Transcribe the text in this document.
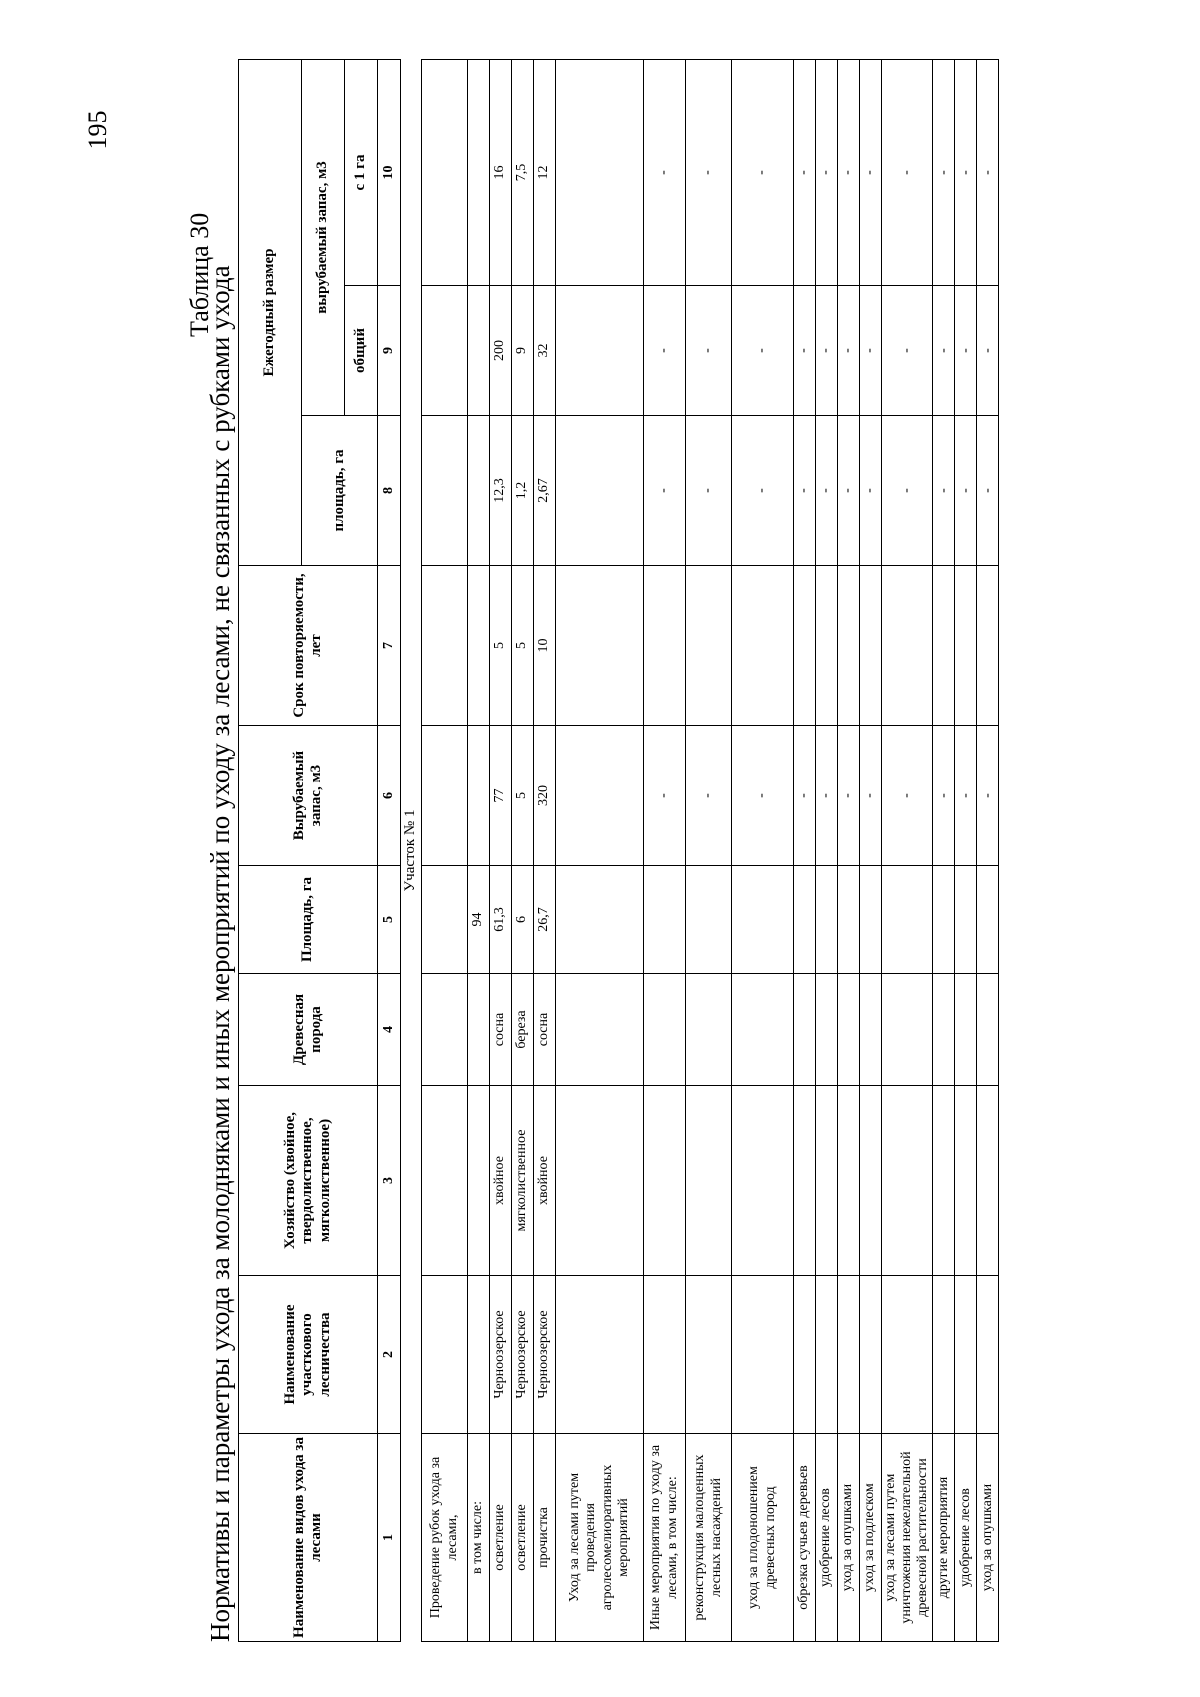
195
Таблица 30
Нормативы и параметры ухода за молодняками и иных мероприятий по уходу за лесами, не связанных с рубками ухода	Наименование видов ухода за лесами	Наименование участкового лесничества	Хозяйство (хвойное, твердолиственное, мягколиственное)	Древесная порода	Площадь, га	Вырубаемый запас, м3	Срок повторяемости, лет	Ежегодный размер		
							площадь, га	вырубаемый запас, м3	
								общий	с 1 га
1	2	3	4	5	6	7	8	9	10
Участок № 1									
Проведение рубок ухода за лесами,									
в том числе:				94					
осветление	Черноозерское	хвойное	сосна	61,3	77	5	12,3	200	16
осветление	Черноозерское	мягколиственное	береза	6	5	5	1,2	9	7,5
прочистка	Черноозерское	хвойное	сосна	26,7	320	10	2,67	32	12
Уход за лесами путем проведения агролесомелиоративных мероприятий									
Иные мероприятия по уходу за лесами, в том числе:					-		-	-	-
реконструкция малоценных лесных насаждений					-		-	-	-
уход за плодоношением древесных пород					-		-	-	-
обрезка сучьев деревьев					-		-	-	-
удобрение лесов					-		-	-	-
уход за опушками					-		-	-	-
уход за подлеском					-		-	-	-
уход за лесами путем уничтожения нежелательной древесной растительности					-		-	-	-
другие мероприятия					-		-	-	-
удобрение лесов					-		-	-	-
уход за опушками					-		-	-	-
